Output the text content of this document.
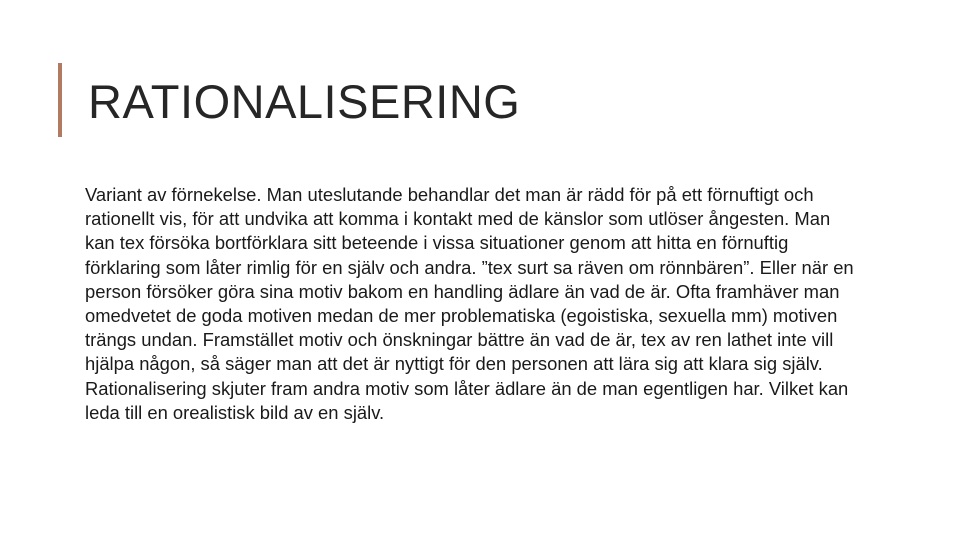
RATIONALISERING

Variant av förnekelse. Man uteslutande behandlar det man är rädd för på ett förnuftigt och rationellt vis, för att undvika att komma i kontakt med de känslor som utlöser ångesten. Man kan tex försöka bortförklara sitt beteende i vissa situationer genom att hitta en förnuftig förklaring som låter rimlig för en själv och andra. ”tex surt sa räven om rönnbären”. Eller när en person försöker göra sina motiv bakom en handling ädlare än vad de är. Ofta framhäver man omedvetet de goda motiven medan de mer problematiska (egoistiska, sexuella mm) motiven trängs undan. Framstället motiv och önskningar bättre än vad de är, tex av ren lathet inte vill hjälpa någon, så säger man att det är nyttigt för den personen att lära sig att klara sig själv. Rationalisering skjuter fram andra motiv som låter ädlare än de man egentligen har. Vilket kan leda till en orealistisk bild av en själv.
